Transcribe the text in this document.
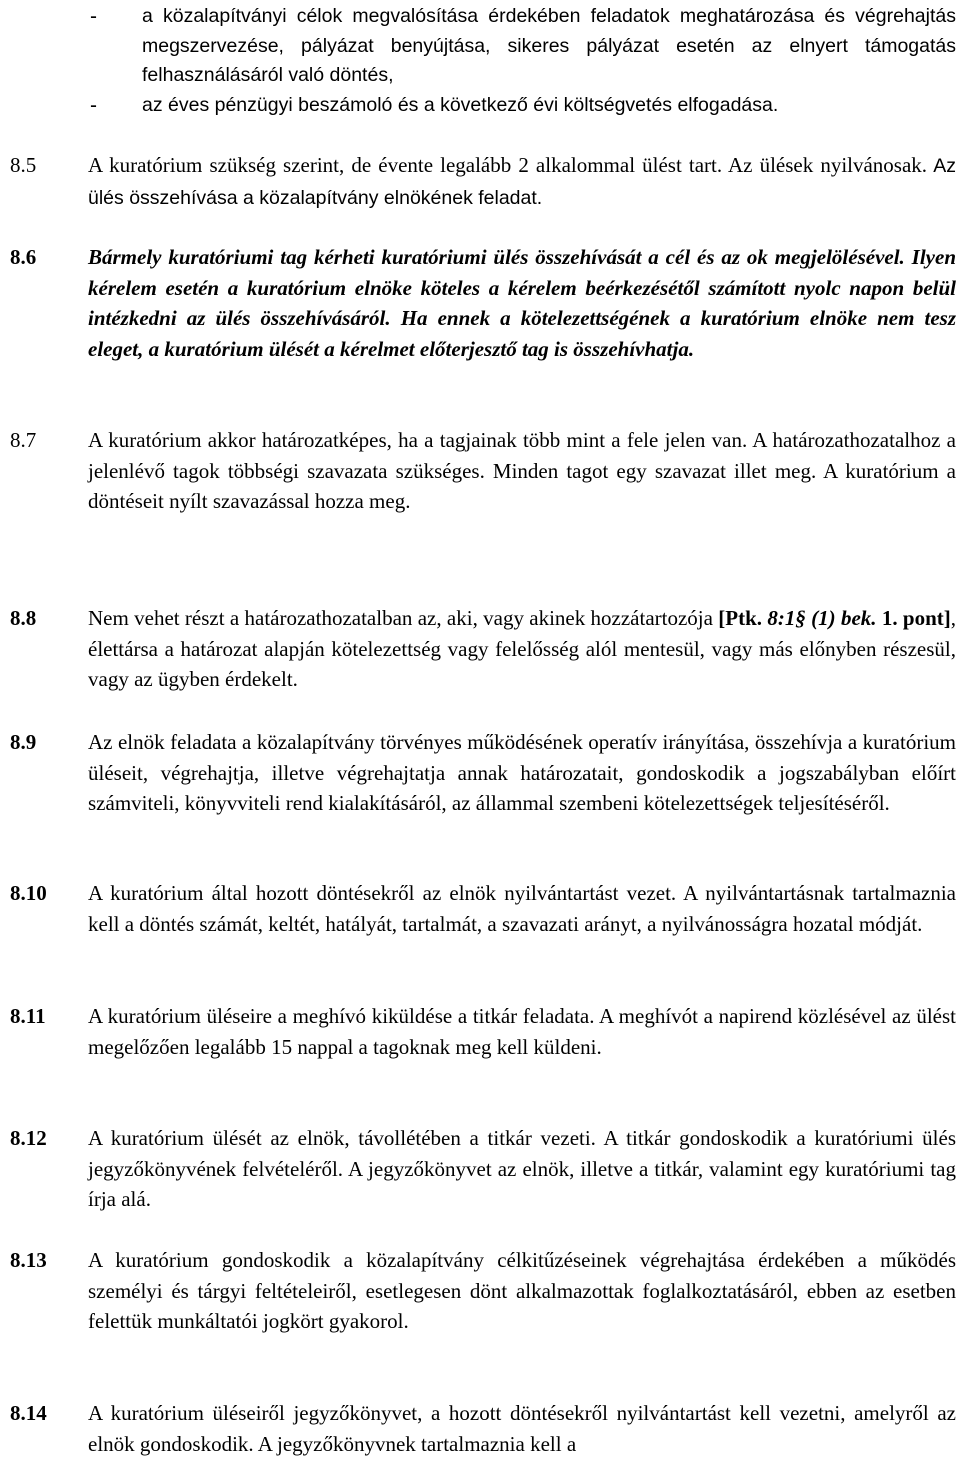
- a közalapítványi célok megvalósítása érdekében feladatok meghatározása és végrehajtás megszervezése, pályázat benyújtása, sikeres pályázat esetén az elnyert támogatás felhasználásáról való döntés,
- az éves pénzügyi beszámoló és a következő évi költségvetés elfogadása.
8.5 A kuratórium szükség szerint, de évente legalább 2 alkalommal ülést tart. Az ülések nyilvánosak. Az ülés összehívása a közalapítvány elnökének feladat.
8.6 Bármely kuratóriumi tag kérheti kuratóriumi ülés összehívását a cél és az ok megjelölésével. Ilyen kérelem esetén a kuratórium elnöke köteles a kérelem beérkezésétől számított nyolc napon belül intézkedni az ülés összehívásáról. Ha ennek a kötelezettségének a kuratórium elnöke nem tesz eleget, a kuratórium ülését a kérelmet előterjesztő tag is összehívhatja.
8.7 A kuratórium akkor határozatképes, ha a tagjainak több mint a fele jelen van. A határozathozatalhoz a jelenlévő tagok többségi szavazata szükséges. Minden tagot egy szavazat illet meg. A kuratórium a döntéseit nyílt szavazással hozza meg.
8.8 Nem vehet részt a határozathozatalban az, aki, vagy akinek hozzátartozója [Ptk. 8:1§ (1) bek. 1. pont], élettársa a határozat alapján kötelezettség vagy felelősség alól mentesül, vagy más előnyben részesül, vagy az ügyben érdekelt.
8.9 Az elnök feladata a közalapítvány törvényes működésének operatív irányítása, összehívja a kuratórium üléseit, végrehajtja, illetve végrehajtatja annak határozatait, gondoskodik a jogszabályban előírt számviteli, könyvviteli rend kialakításáról, az állammal szembeni kötelezettségek teljesítéséről.
8.10 A kuratórium által hozott döntésekről az elnök nyilvántartást vezet. A nyilvántartásnak tartalmaznia kell a döntés számát, keltét, hatályát, tartalmát, a szavazati arányt, a nyilvánosságra hozatal módját.
8.11 A kuratórium üléseire a meghívó kiküldése a titkár feladata. A meghívót a napirend közlésével az ülést megelőzően legalább 15 nappal a tagoknak meg kell küldeni.
8.12 A kuratórium ülését az elnök, távollétében a titkár vezeti. A titkár gondoskodik a kuratóriumi ülés jegyzőkönyvének felvételéről. A jegyzőkönyvet az elnök, illetve a titkár, valamint egy kuratóriumi tag írja alá.
8.13 A kuratórium gondoskodik a közalapítvány célkitűzéseinek végrehajtása érdekében a működés személyi és tárgyi feltételeiről, esetlegesen dönt alkalmazottak foglalkoztatásáról, ebben az esetben felettük munkáltatói jogkört gyakorol.
8.14 A kuratórium üléseiről jegyzőkönyvet, a hozott döntésekről nyilvántartást kell vezetni, amelyről az elnök gondoskodik. A jegyzőkönyvnek tartalmaznia kell a
